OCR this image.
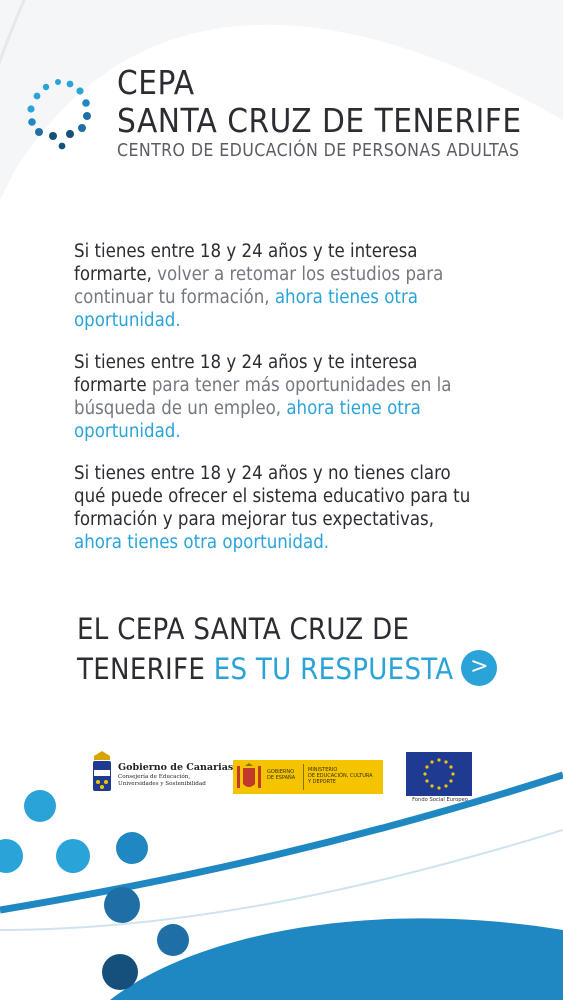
CEPA
SANTA CRUZ DE TENERIFE
CENTRO DE EDUCACIÓN DE PERSONAS ADULTAS

Si tienes entre 18 y 24 años y te interesa formarte, volver a retomar los estudios para continuar tu formación, ahora tienes otra oportunidad.

Si tienes entre 18 y 24 años y te interesa formarte para tener más oportunidades en la búsqueda de un empleo, ahora tiene otra oportunidad.

Si tienes entre 18 y 24 años y no tienes claro qué puede ofrecer el sistema educativo para tu formación y para mejorar tus expectativas,
ahora tienes otra oportunidad.

EL CEPA SANTA CRUZ DE
TENERIFE ES TU RESPUESTA >
Gobierno de Canarias
Consejería de Educación,
Universidades y Sostenibilidad
GOBIERNO
DE ESPAÑA
MINISTERIO
DE EDUCACIÓN, CULTURA
Y DEPORTE
Fondo Social Europeo
